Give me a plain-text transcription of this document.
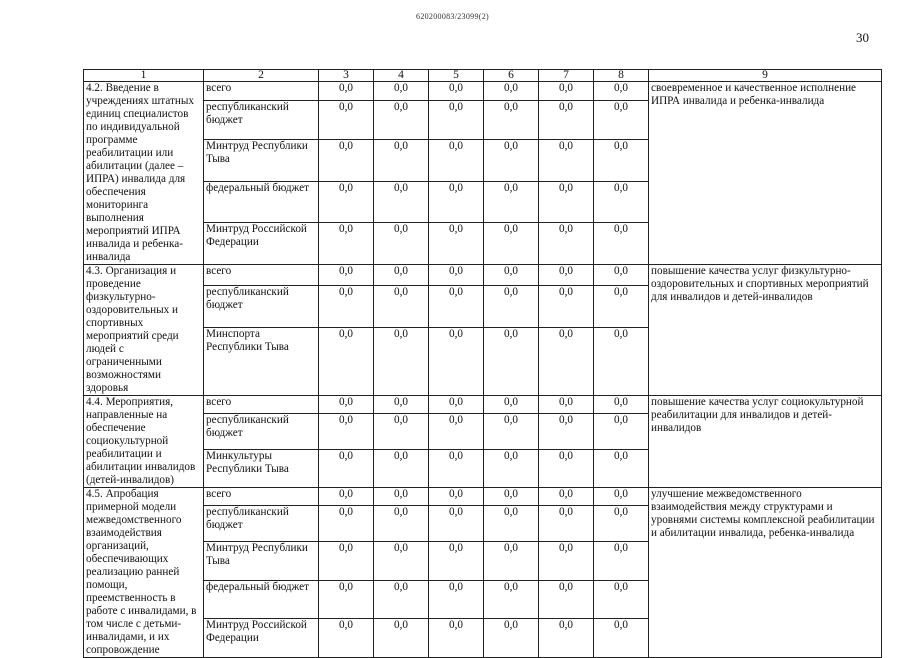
620200083/23099(2)
30
1	2	3	4	5	6	7	8	9
4.2. Введение в учреждениях штатных единиц специалистов по индивидуальной программе реабилитации или абилитации (далее – ИПРА) инвалида для обеспечения мониторинга выполнения мероприятий ИПРА инвалида и ребенка-инвалида	всего	0,0	0,0	0,0	0,0	0,0	0,0	своевременное и качественное исполнение ИПРА инвалида и ребенка-инвалида
	республиканский бюджет	0,0	0,0	0,0	0,0	0,0	0,0	
	Минтруд Республики Тыва	0,0	0,0	0,0	0,0	0,0	0,0	
	федеральный бюджет	0,0	0,0	0,0	0,0	0,0	0,0	
	Минтруд Российской Федерации	0,0	0,0	0,0	0,0	0,0	0,0	
4.3. Организация и проведение физкультурно-оздоровительных и спортивных мероприятий среди людей с ограниченными возможностями здоровья	всего	0,0	0,0	0,0	0,0	0,0	0,0	повышение качества услуг физкультурно-оздоровительных и спортивных мероприятий для инвалидов и детей-инвалидов
	республиканский бюджет	0,0	0,0	0,0	0,0	0,0	0,0	
	Минспорта Республики Тыва	0,0	0,0	0,0	0,0	0,0	0,0	
4.4. Мероприятия, направленные на обеспечение социокультурной реабилитации и абилитации инвалидов (детей-инвалидов)	всего	0,0	0,0	0,0	0,0	0,0	0,0	повышение качества услуг социокультурной реабилитации для инвалидов и детей-инвалидов
	республиканский бюджет	0,0	0,0	0,0	0,0	0,0	0,0	
	Минкультуры Республики Тыва	0,0	0,0	0,0	0,0	0,0	0,0	
4.5. Апробация примерной модели межведомственного взаимодействия организаций, обеспечивающих реализацию ранней помощи, преемственность в работе с инвалидами, в том числе с детьми-инвалидами, и их сопровождение	всего	0,0	0,0	0,0	0,0	0,0	0,0	улучшение межведомственного взаимодействия между структурами и уровнями системы комплексной реабилитации и абилитации инвалида, ребенка-инвалида
	республиканский бюджет	0,0	0,0	0,0	0,0	0,0	0,0	
	Минтруд Республики Тыва	0,0	0,0	0,0	0,0	0,0	0,0	
	федеральный бюджет	0,0	0,0	0,0	0,0	0,0	0,0	
	Минтруд Российской Федерации	0,0	0,0	0,0	0,0	0,0	0,0	
